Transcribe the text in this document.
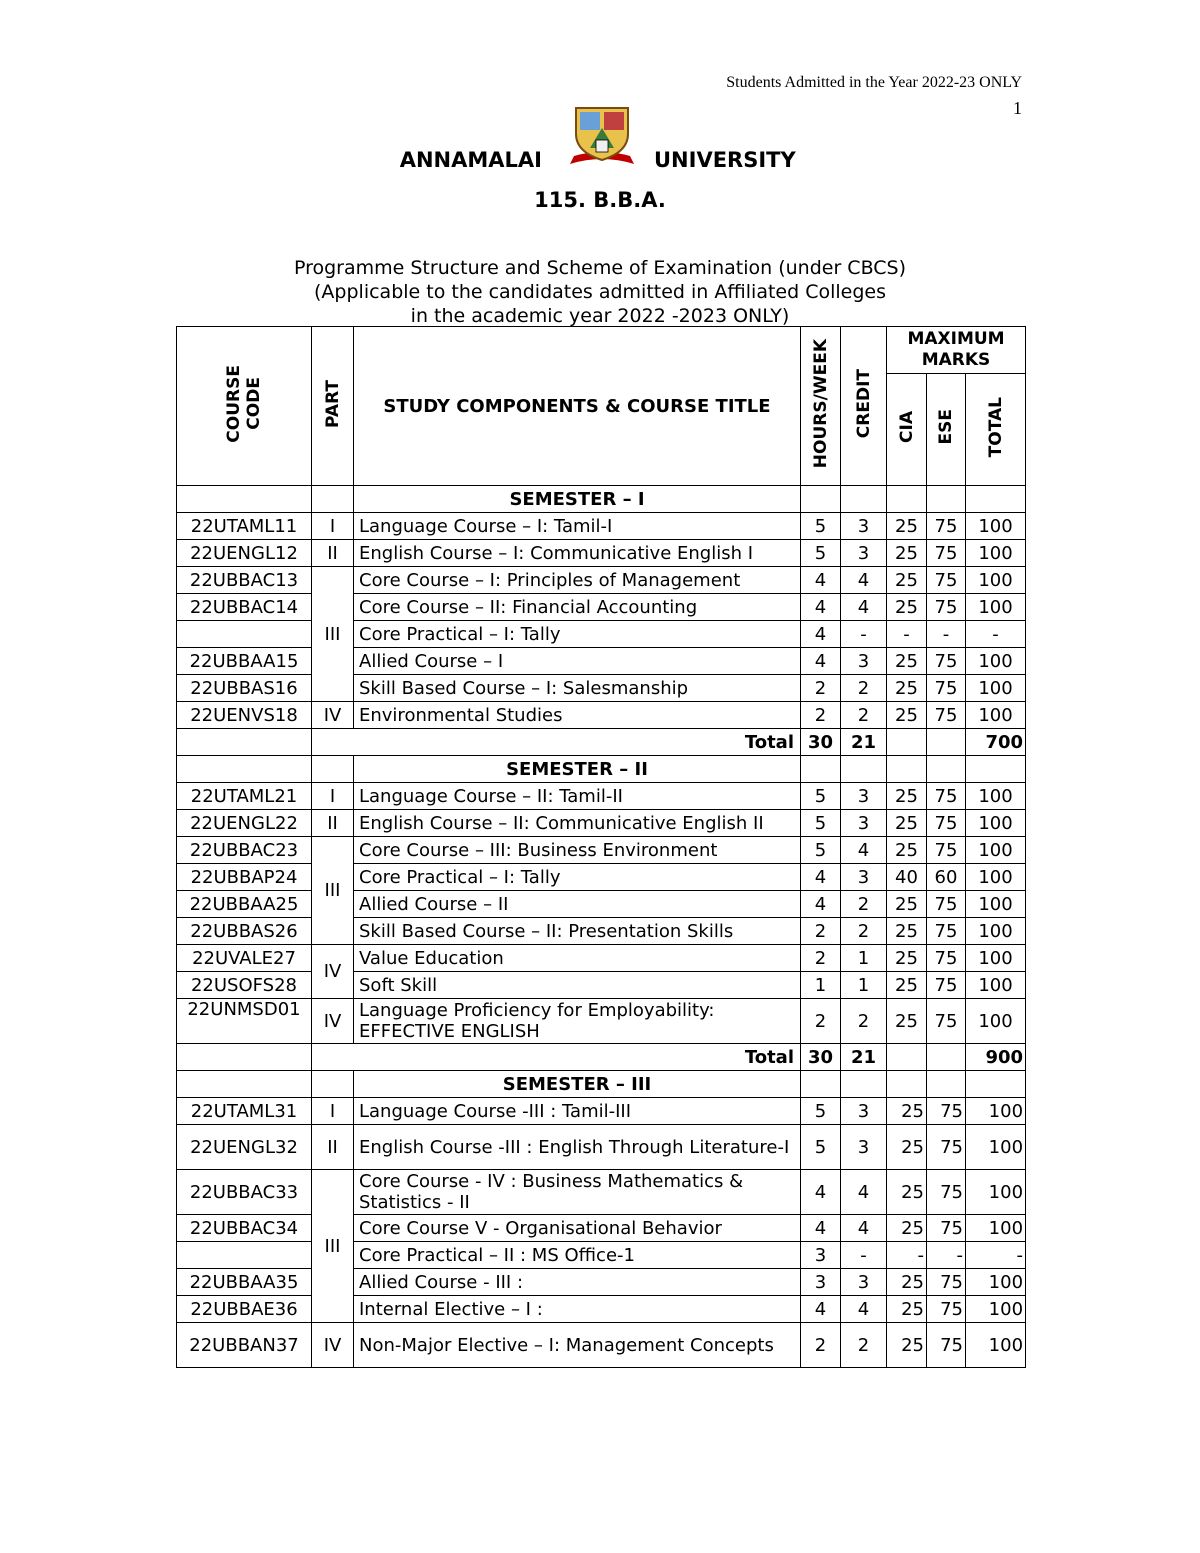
Students Admitted in the Year 2022-23 ONLY
1
ANNAMALAI	UNIVERSITY
115. B.B.A.
Programme Structure and Scheme of Examination (under CBCS)
(Applicable to the candidates admitted in Affiliated Colleges
in the academic year 2022 -2023 ONLY)
COURSE
CODE	PART	STUDY COMPONENTS & COURSE TITLE	HOURS/WEEK	CREDIT	MAXIMUM MARKS		
					CIA	ESE	TOTAL
		SEMESTER – I					
22UTAML11	I	Language Course – I: Tamil-I	5	3	25	75	100
22UENGL12	II	English Course – I: Communicative English I	5	3	25	75	100
22UBBAC13	III	Core Course – I: Principles of Management	4	4	25	75	100
22UBBAC14		Core Course – II: Financial Accounting	4	4	25	75	100
		Core Practical – I: Tally	4	-	-	-	-
22UBBAA15		Allied Course – I	4	3	25	75	100
22UBBAS16		Skill Based Course – I: Salesmanship	2	2	25	75	100
22UENVS18	IV	Environmental Studies	2	2	25	75	100
	Total		30	21			700
		SEMESTER – II					
22UTAML21	I	Language Course – II: Tamil-II	5	3	25	75	100
22UENGL22	II	English Course – II: Communicative English II	5	3	25	75	100
22UBBAC23	III	Core Course – III: Business Environment	5	4	25	75	100
22UBBAP24		Core Practical – I: Tally	4	3	40	60	100
22UBBAA25		Allied Course – II	4	2	25	75	100
22UBBAS26		Skill Based Course – II: Presentation Skills	2	2	25	75	100
22UVALE27	IV	Value Education	2	1	25	75	100
22USOFS28		Soft Skill	1	1	25	75	100
22UNMSD01	IV	Language Proficiency for Employability: EFFECTIVE ENGLISH	2	2	25	75	100
	Total		30	21			900
		SEMESTER – III					
22UTAML31	I	Language Course -III : Tamil-III	5	3	25	75	100
22UENGL32	II	English Course -III : English Through Literature-I	5	3	25	75	100
22UBBAC33	III	Core Course - IV : Business Mathematics & Statistics - II	4	4	25	75	100
22UBBAC34		Core Course V - Organisational Behavior	4	4	25	75	100
		Core Practical – II : MS Office-1	3	-	-	-	-
22UBBAA35		Allied Course - III :	3	3	25	75	100
22UBBAE36		Internal Elective – I :	4	4	25	75	100
22UBBAN37	IV	Non-Major Elective – I: Management Concepts	2	2	25	75	100
